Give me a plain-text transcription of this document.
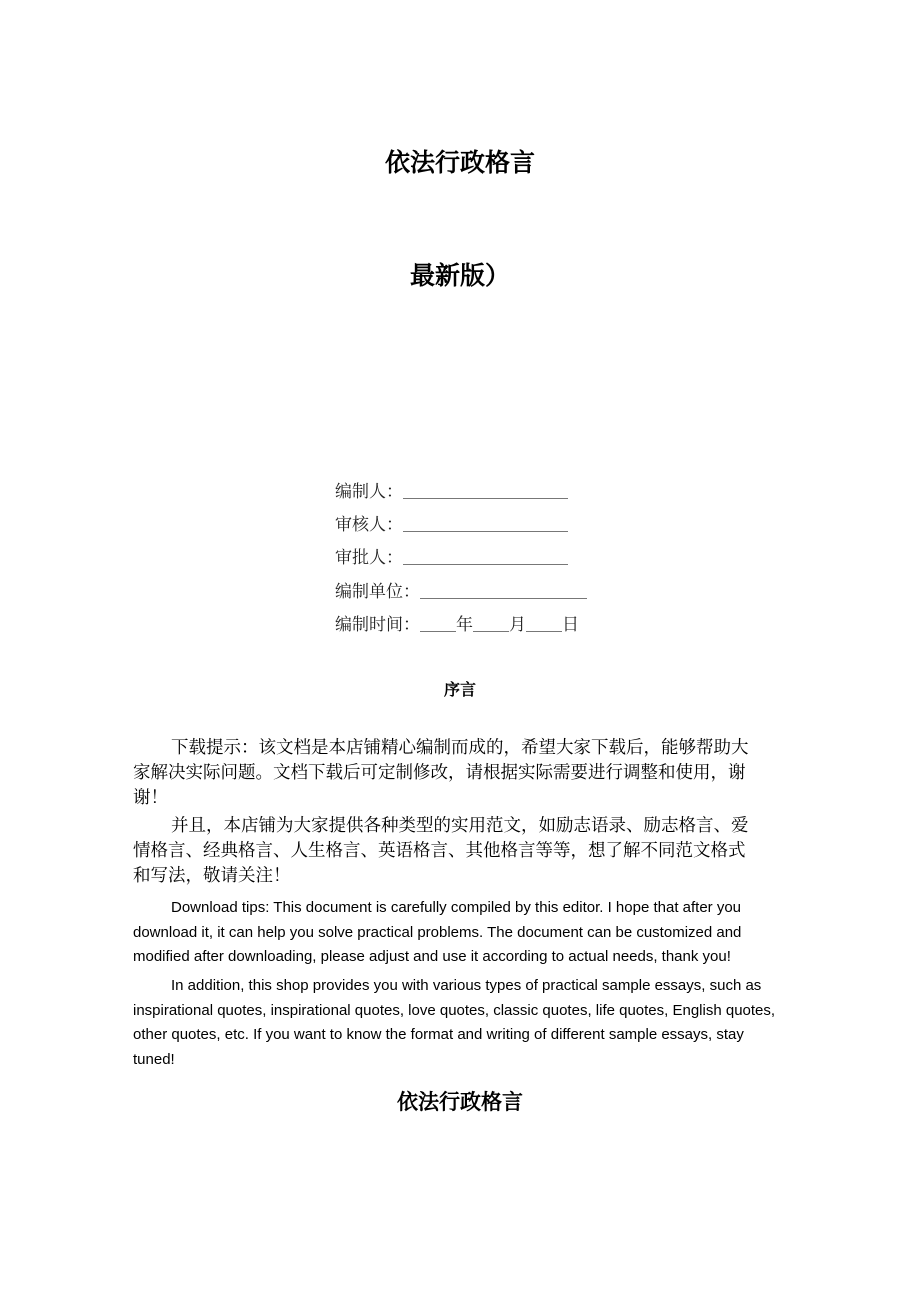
依法行政格言
最新版）
编制人：
审核人：
审批人：
编制单位：
编制时间： 年 月 日
序言
下载提示：该文档是本店铺精心编制而成的，希望大家下载后，能够帮助大
家解决实际问题。文档下载后可定制修改，请根据实际需要进行调整和使用，谢
谢！
并且，本店铺为大家提供各种类型的实用范文，如励志语录、励志格言、爱
情格言、经典格言、人生格言、英语格言、其他格言等等，想了解不同范文格式
和写法，敬请关注！
Download tips: This document is carefully compiled by this editor. I hope that after you
download it, it can help you solve practical problems. The document can be customized and
modified after downloading, please adjust and use it according to actual needs, thank you!
In addition, this shop provides you with various types of practical sample essays, such as
inspirational quotes, inspirational quotes, love quotes, classic quotes, life quotes, English quotes,
other quotes, etc. If you want to know the format and writing of different sample essays, stay
tuned!
依法行政格言
